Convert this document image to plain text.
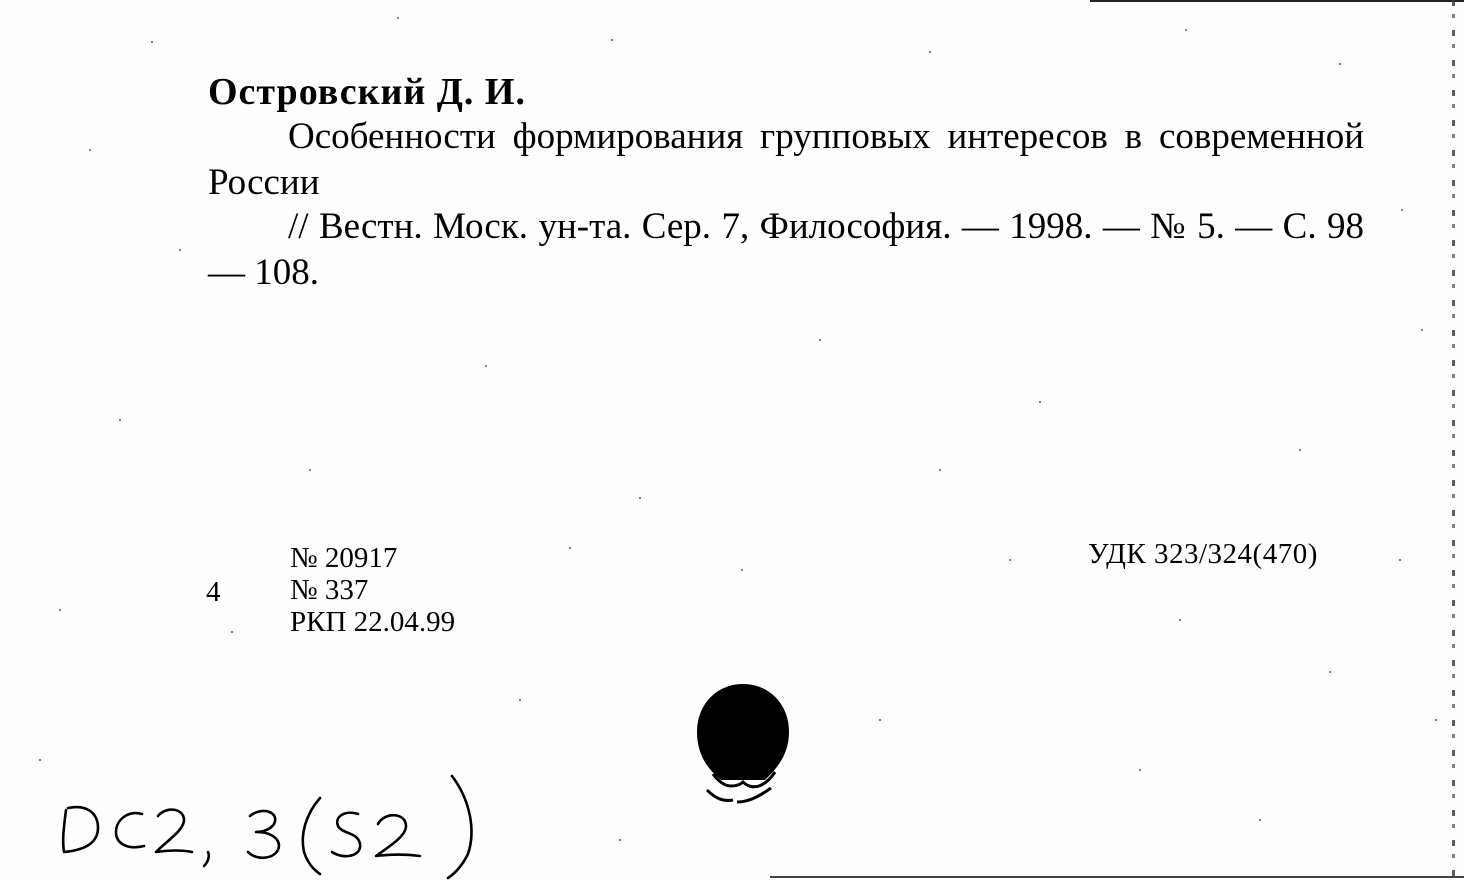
Островский Д. И.
Особенности формирования групповых интересов в современной России
// Вестн. Моск. ун-та. Сер. 7, Философия. — 1998. — № 5. — С. 98 — 108.
4
№ 20917
№ 337
РКП 22.04.99
УДК 323/324(470)
